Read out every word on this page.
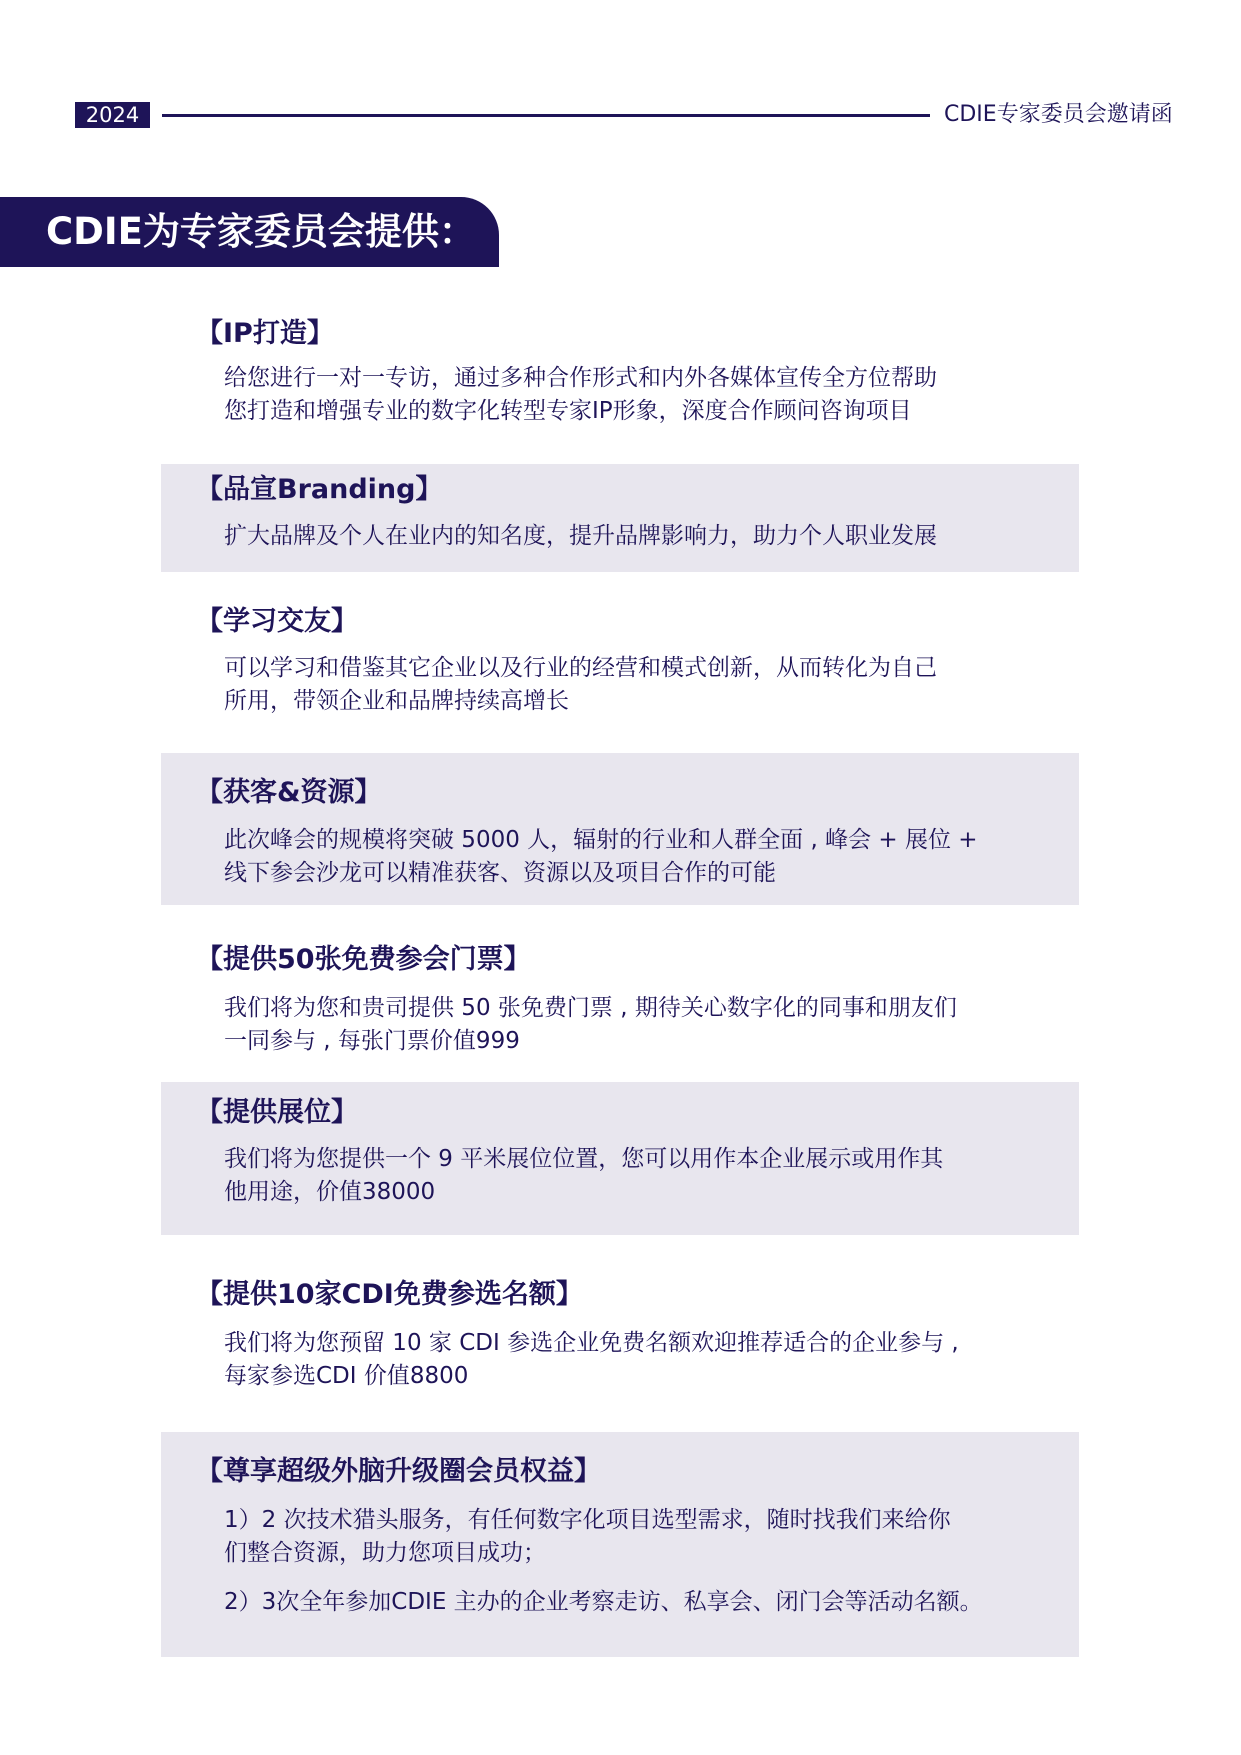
2024	CDIE专家委员会邀请函
CDIE为专家委员会提供：
【IP打造】
给您进行一对一专访，通过多种合作形式和内外各媒体宣传全方位帮助
您打造和增强专业的数字化转型专家IP形象，深度合作顾问咨询项目
【品宣Branding】
扩大品牌及个人在业内的知名度，提升品牌影响力，助力个人职业发展
【学习交友】
可以学习和借鉴其它企业以及行业的经营和模式创新，从而转化为自己
所用，带领企业和品牌持续高增长
【获客&资源】
此次峰会的规模将突破 5000 人，辐射的行业和人群全面 , 峰会 + 展位 +
线下参会沙龙可以精准获客、资源以及项目合作的可能
【提供50张免费参会门票】
我们将为您和贵司提供 50 张免费门票 , 期待关心数字化的同事和朋友们
一同参与 , 每张门票价值999
【提供展位】
我们将为您提供一个 9 平米展位位置，您可以用作本企业展示或用作其
他用途，价值38000
【提供10家CDI免费参选名额】
我们将为您预留 10 家 CDI 参选企业免费名额欢迎推荐适合的企业参与 ,
每家参选CDI 价值8800
【尊享超级外脑升级圈会员权益】
1）2 次技术猎头服务，有任何数字化项目选型需求，随时找我们来给你
们整合资源，助力您项目成功；
2）3次全年参加CDIE 主办的企业考察走访、私享会、闭门会等活动名额。
